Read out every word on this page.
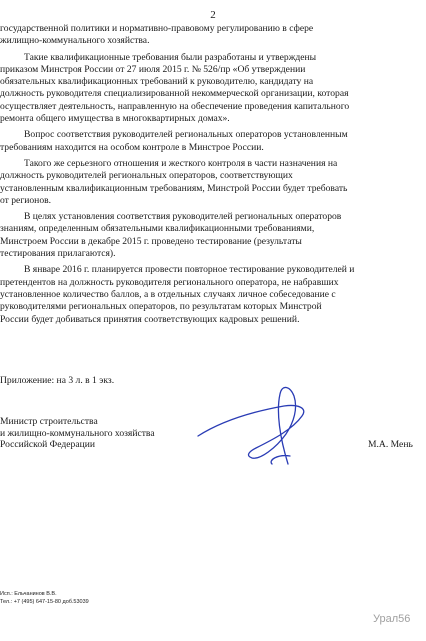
2

государственной политики и нормативно-правовому регулированию в сфере
жилищно-коммунального хозяйства.

Такие квалификационные требования были разработаны и утверждены
приказом Минстроя России от 27 июля 2015 г. № 526/пр «Об утверждении
обязательных квалификационных требований к руководителю, кандидату на
должность руководителя специализированной некоммерческой организации, которая
осуществляет деятельность, направленную на обеспечение проведения капитального
ремонта общего имущества в многоквартирных домах».

Вопрос соответствия руководителей региональных операторов установленным
требованиям находится на особом контроле в Минстрое России.

Такого же серьезного отношения и жесткого контроля в части назначения на
должность руководителей региональных операторов, соответствующих
установленным квалификационным требованиям, Минстрой России будет требовать
от регионов.

В целях установления соответствия руководителей региональных операторов
знаниям, определенным обязательными квалификационными требованиями,
Минстроем России в декабре 2015 г. проведено тестирование (результаты
тестирования прилагаются).

В январе 2016 г. планируется провести повторное тестирование руководителей и
претендентов на должность руководителя регионального оператора, не набравших
установленное количество баллов, а в отдельных случаях личное собеседование с
руководителями региональных операторов, по результатам которых Минстрой
России будет добиваться принятия соответствующих кадровых решений.

Приложение: на 3 л. в 1 экз.
Министр строительства
и жилищно-коммунального хозяйства
Российской Федерации	М.А. Мень
Исп.: Ельчанинов В.В.
Тел.: +7 (495) 647-15-80 доб.53039
Урал56
